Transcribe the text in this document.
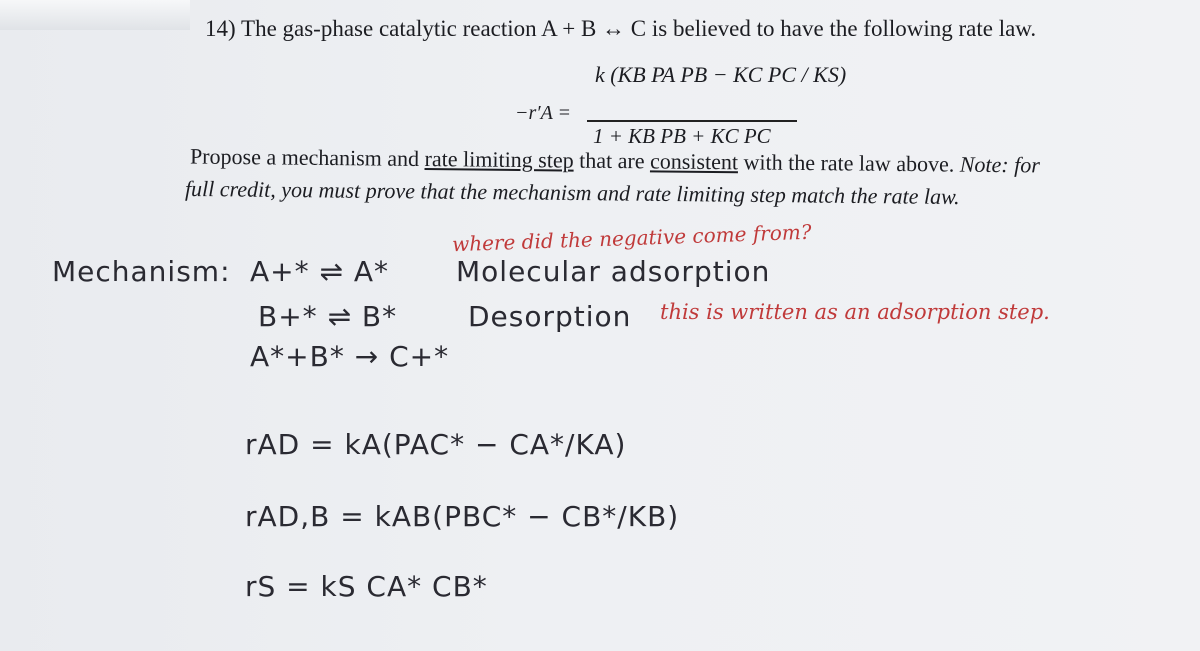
14) The gas-phase catalytic reaction A + B ↔ C is believed to have the following rate law.
−r′A =
k (KB PA PB − KC PC / KS)
1 + KB PB + KC PC
Propose a mechanism and rate limiting step that are consistent with the rate law above. Note: for
full credit, you must prove that the mechanism and rate limiting step match the rate law.
where did the negative come from?
this is written as an adsorption step.
Mechanism: A+* ⇌ A* Molecular adsorption
B+* ⇌ B*	Desorption
A*+B* → C+*
rAD = kA(PAC* − CA*/KA)
rAD,B = kAB(PBC* − CB*/KB)
rS = kS CA* CB*
